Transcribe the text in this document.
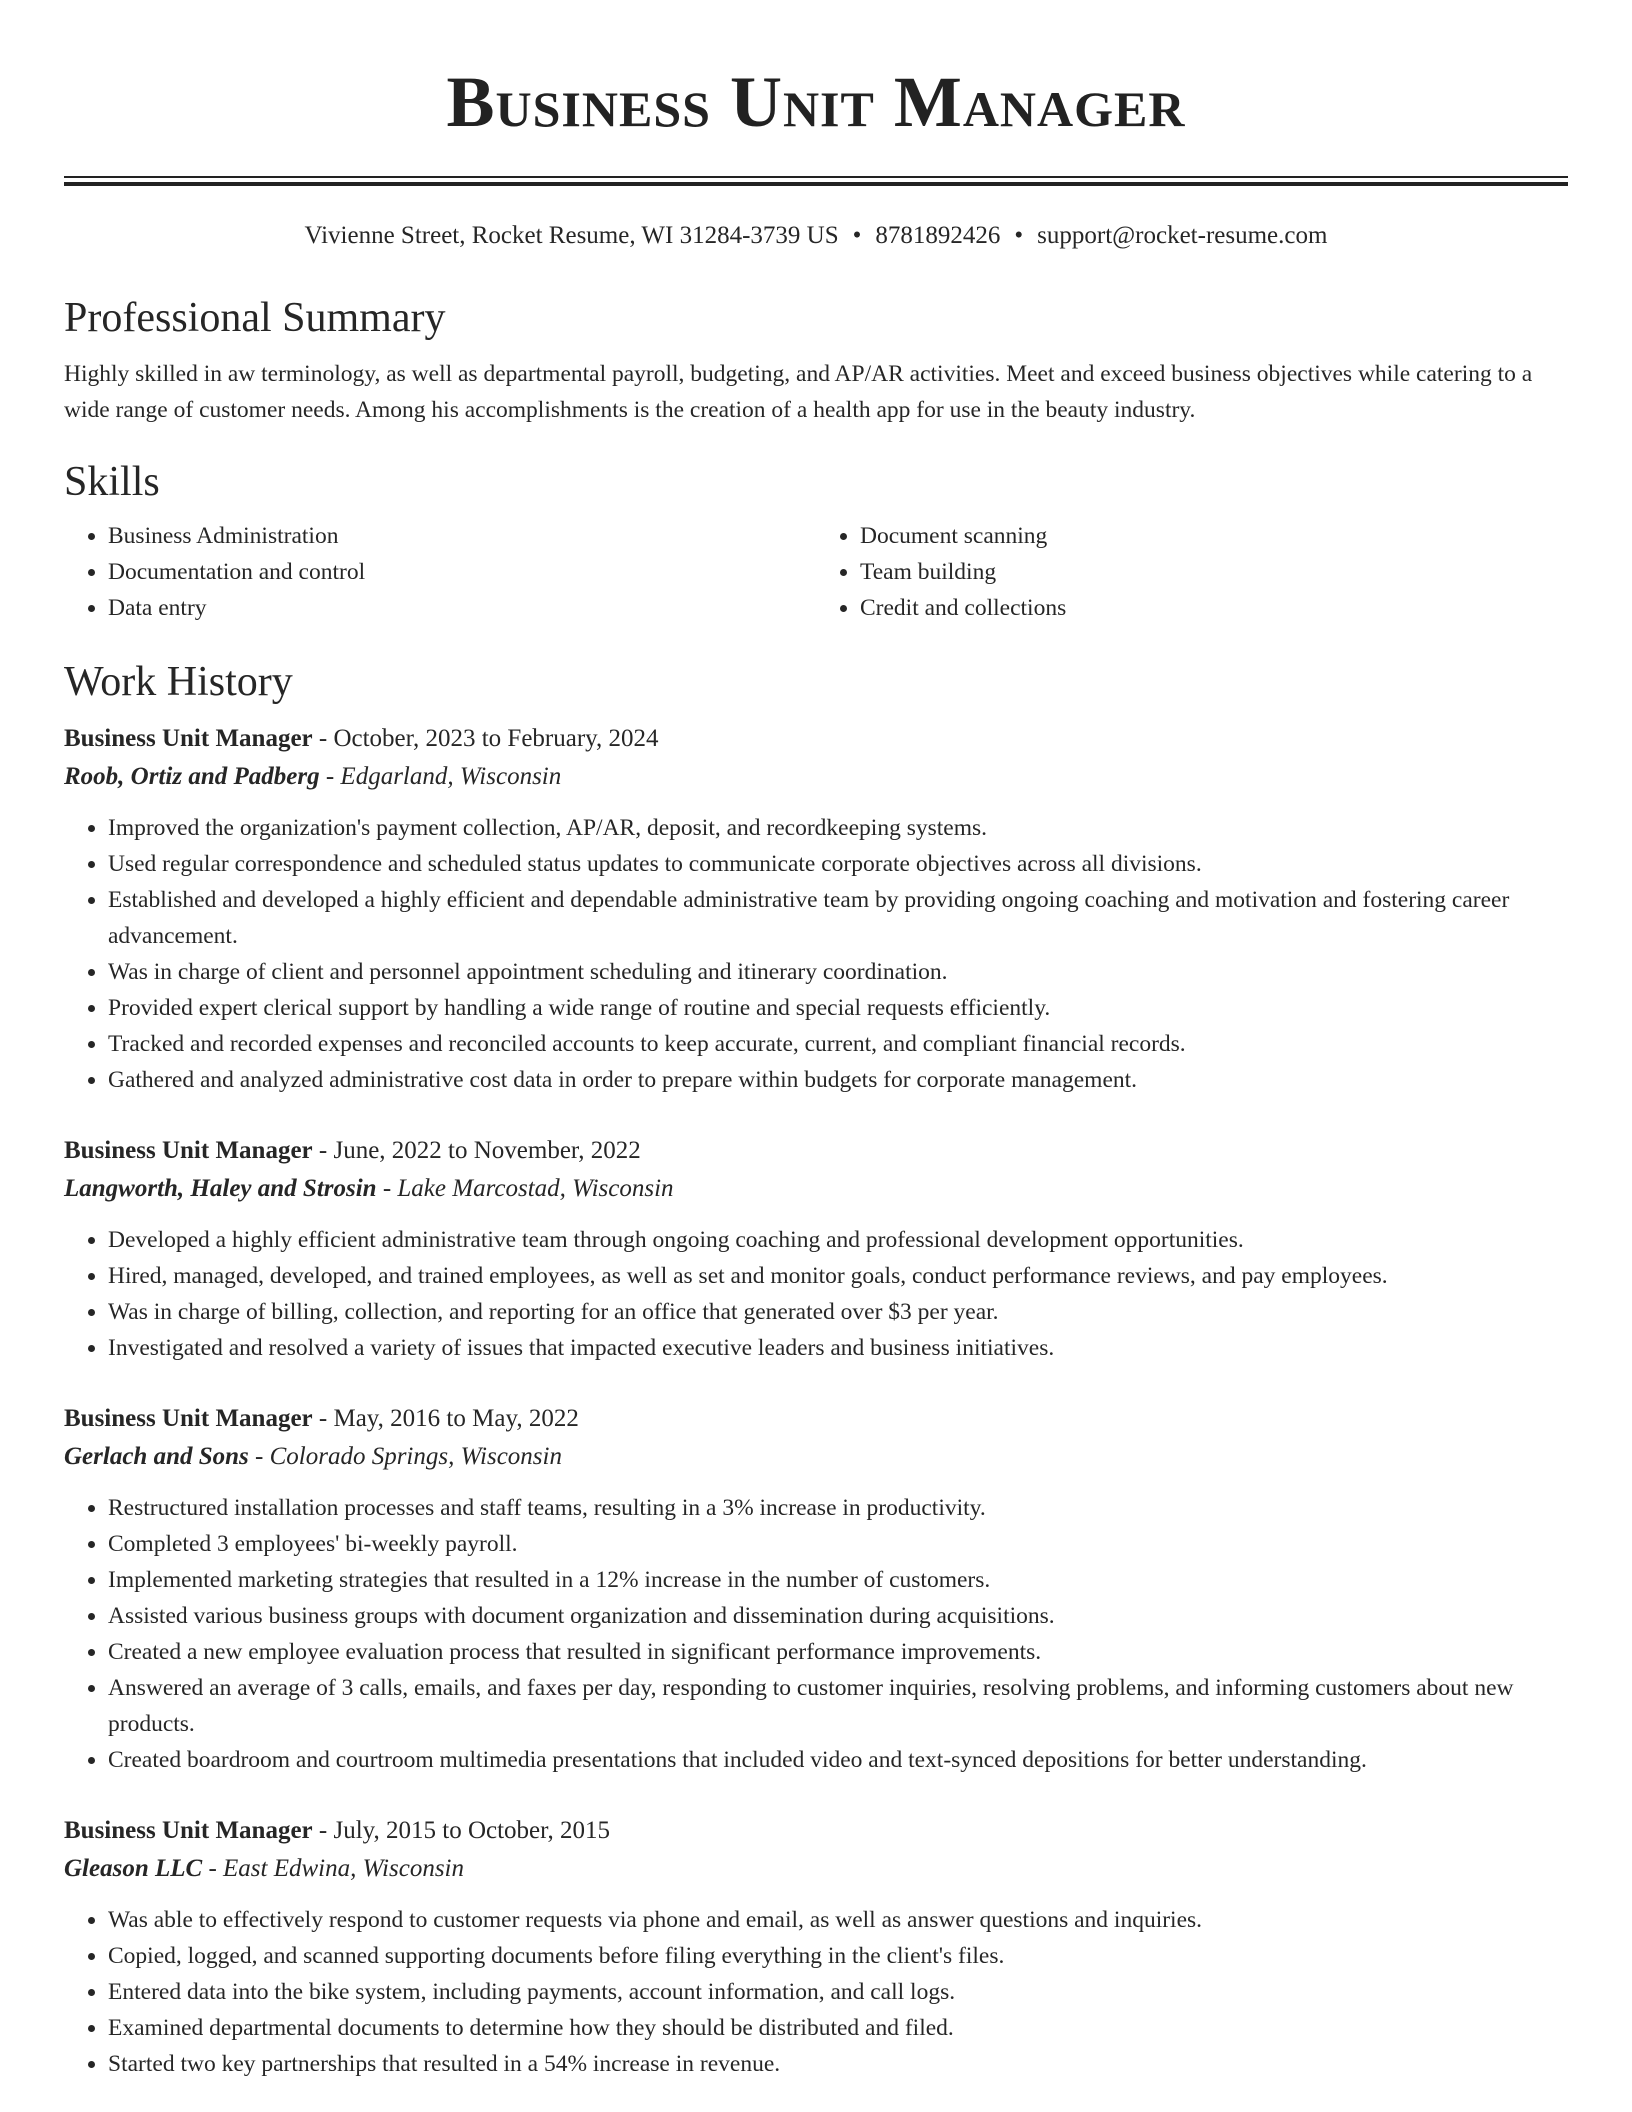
Business Unit Manager
Vivienne Street, Rocket Resume, WI 31284-3739 US • 8781892426 • support@rocket-resume.com
Professional Summary

Highly skilled in aw terminology, as well as departmental payroll, budgeting, and AP/AR activities. Meet and exceed business objectives while catering to a wide range of customer needs. Among his accomplishments is the creation of a health app for use in the beauty industry.

Skills
• Business Administration
• Documentation and control
• Data entry
• Document scanning
• Team building
• Credit and collections
Work History
Business Unit Manager - October, 2023 to February, 2024
Roob, Ortiz and Padberg - Edgarland, Wisconsin
• Improved the organization's payment collection, AP/AR, deposit, and recordkeeping systems.
• Used regular correspondence and scheduled status updates to communicate corporate objectives across all divisions.
• Established and developed a highly efficient and dependable administrative team by providing ongoing coaching and motivation and fostering career advancement.
• Was in charge of client and personnel appointment scheduling and itinerary coordination.
• Provided expert clerical support by handling a wide range of routine and special requests efficiently.
• Tracked and recorded expenses and reconciled accounts to keep accurate, current, and compliant financial records.
• Gathered and analyzed administrative cost data in order to prepare within budgets for corporate management.
Business Unit Manager - June, 2022 to November, 2022
Langworth, Haley and Strosin - Lake Marcostad, Wisconsin
• Developed a highly efficient administrative team through ongoing coaching and professional development opportunities.
• Hired, managed, developed, and trained employees, as well as set and monitor goals, conduct performance reviews, and pay employees.
• Was in charge of billing, collection, and reporting for an office that generated over $3 per year.
• Investigated and resolved a variety of issues that impacted executive leaders and business initiatives.
Business Unit Manager - May, 2016 to May, 2022
Gerlach and Sons - Colorado Springs, Wisconsin
• Restructured installation processes and staff teams, resulting in a 3% increase in productivity.
• Completed 3 employees' bi-weekly payroll.
• Implemented marketing strategies that resulted in a 12% increase in the number of customers.
• Assisted various business groups with document organization and dissemination during acquisitions.
• Created a new employee evaluation process that resulted in significant performance improvements.
• Answered an average of 3 calls, emails, and faxes per day, responding to customer inquiries, resolving problems, and informing customers about new products.
• Created boardroom and courtroom multimedia presentations that included video and text-synced depositions for better understanding.
Business Unit Manager - July, 2015 to October, 2015
Gleason LLC - East Edwina, Wisconsin
• Was able to effectively respond to customer requests via phone and email, as well as answer questions and inquiries.
• Copied, logged, and scanned supporting documents before filing everything in the client's files.
• Entered data into the bike system, including payments, account information, and call logs.
• Examined departmental documents to determine how they should be distributed and filed.
• Started two key partnerships that resulted in a 54% increase in revenue.
